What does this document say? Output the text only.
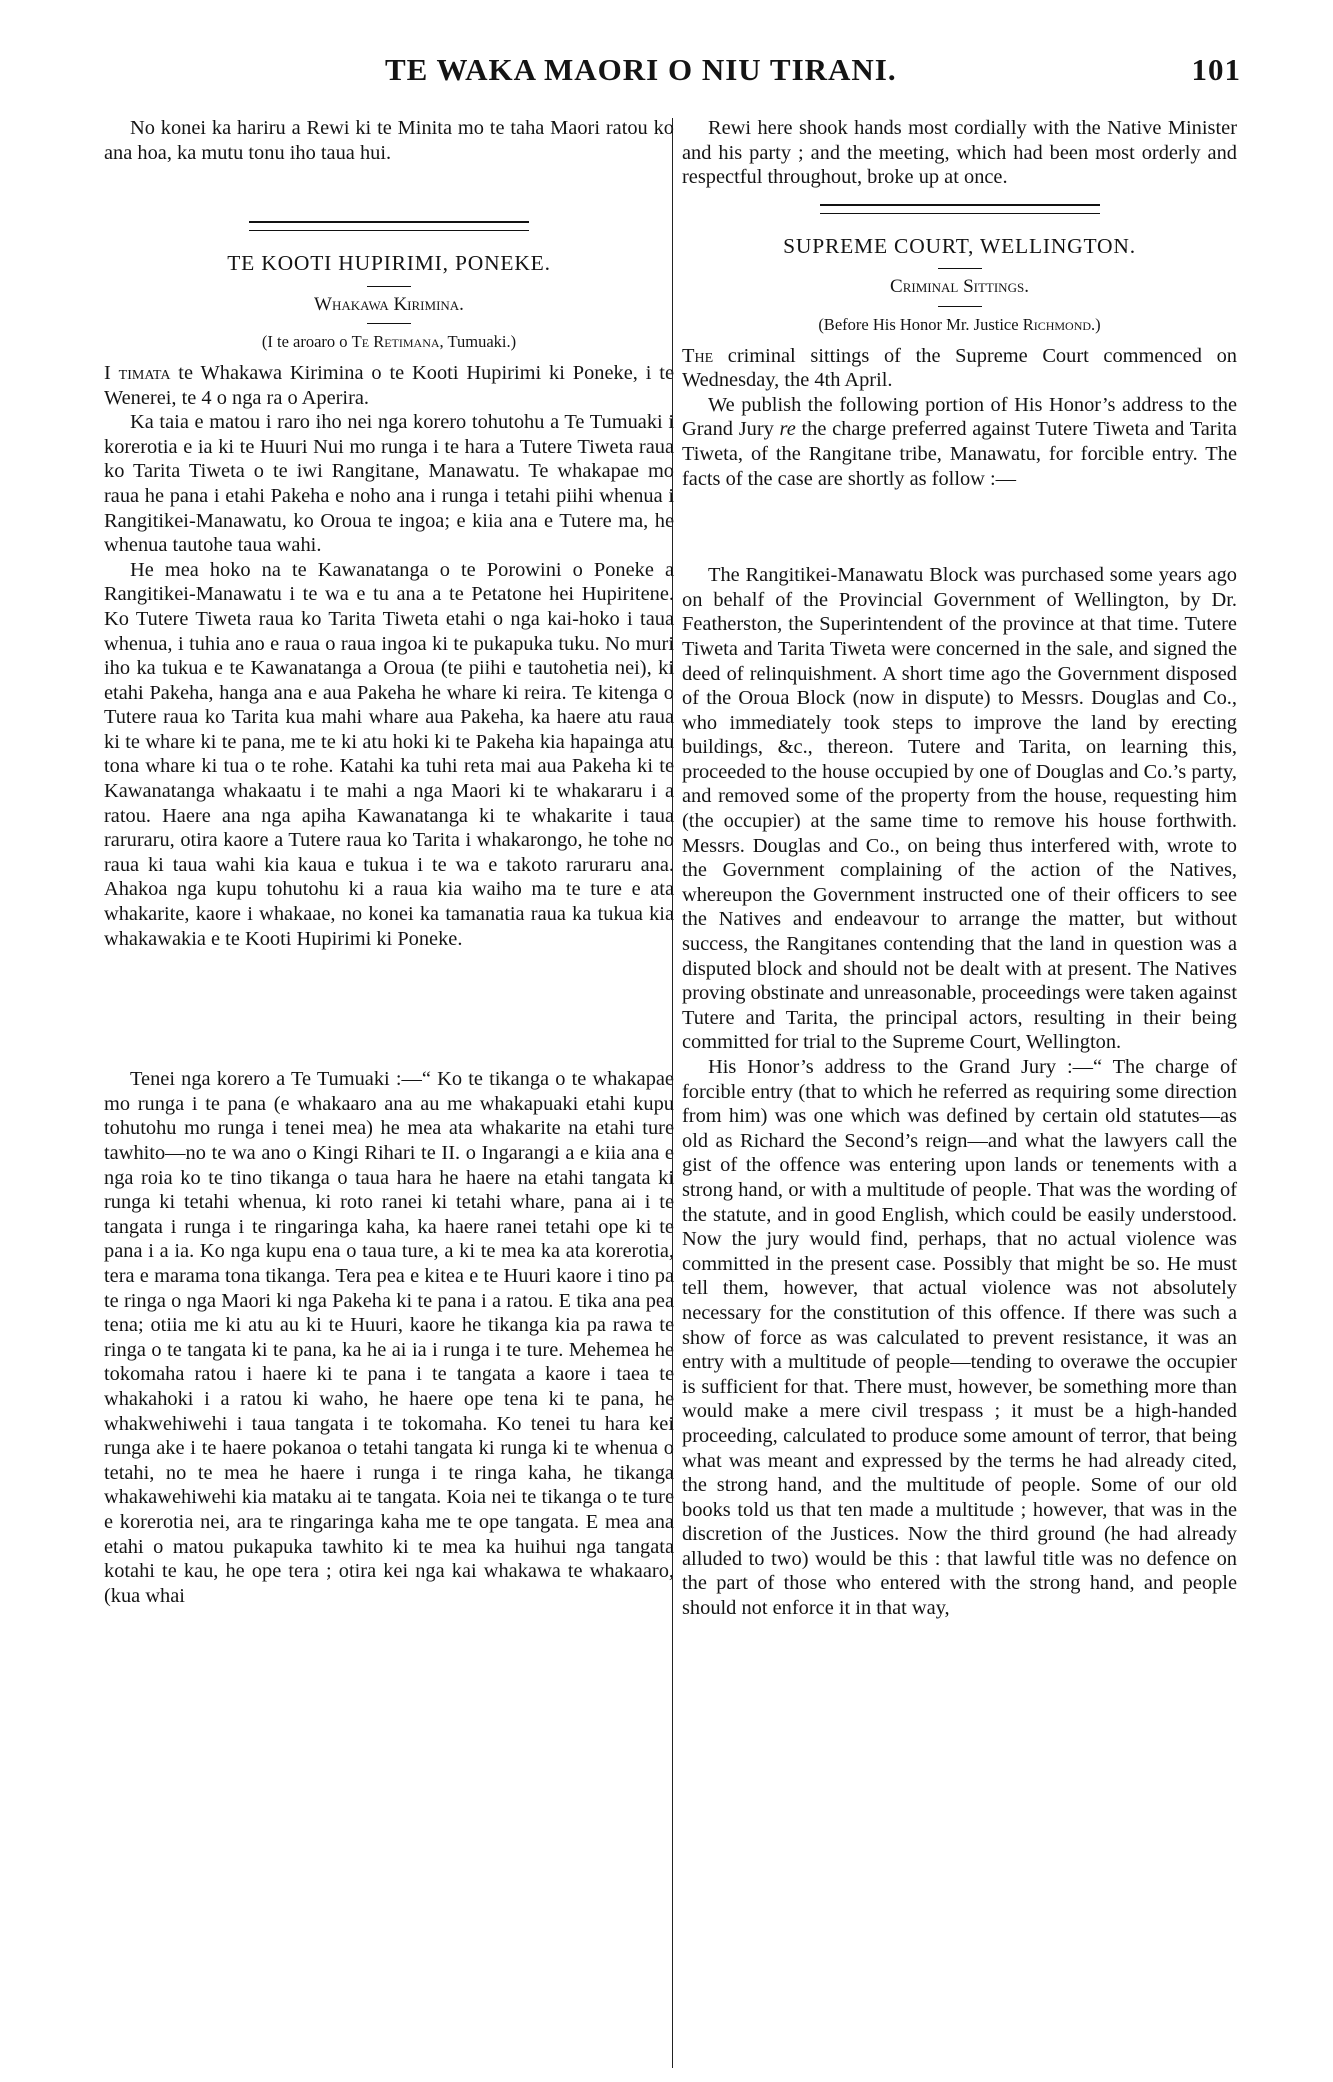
TE WAKA MAORI O NIU TIRANI.	101

No konei ka hariru a Rewi ki te Minita mo te taha Maori ratou ko ana hoa, ka mutu tonu iho taua hui.

TE KOOTI HUPIRIMI, PONEKE.
Whakawa Kirimina.
(I te aroaro o Te Retimana, Tumuaki.)

I timata te Whakawa Kirimina o te Kooti Hupirimi ki Poneke, i te Wenerei, te 4 o nga ra o Aperira.

Ka taia e matou i raro iho nei nga korero tohutohu a Te Tumuaki i korerotia e ia ki te Huuri Nui mo runga i te hara a Tutere Tiweta raua ko Tarita Tiweta o te iwi Rangitane, Manawatu. Te whakapae mo raua he pana i etahi Pakeha e noho ana i runga i tetahi piihi whenua i Rangitikei-Manawatu, ko Oroua te ingoa; e kiia ana e Tutere ma, he whenua tautohe taua wahi.

He mea hoko na te Kawanatanga o te Porowini o Poneke a Rangitikei-Manawatu i te wa e tu ana a te Petatone hei Hupiritene. Ko Tutere Tiweta raua ko Tarita Tiweta etahi o nga kai-hoko i taua whenua, i tuhia ano e raua o raua ingoa ki te pukapuka tuku. No muri iho ka tukua e te Kawanatanga a Oroua (te piihi e tautohetia nei), ki etahi Pakeha, hanga ana e aua Pakeha he whare ki reira. Te kitenga o Tutere raua ko Tarita kua mahi whare aua Pakeha, ka haere atu raua ki te whare ki te pana, me te ki atu hoki ki te Pakeha kia hapainga atu tona whare ki tua o te rohe. Katahi ka tuhi reta mai aua Pakeha ki te Kawanatanga whakaatu i te mahi a nga Maori ki te whakararu i a ratou. Haere ana nga apiha Kawanatanga ki te whakarite i taua raruraru, otira kaore a Tutere raua ko Tarita i whakarongo, he tohe no raua ki taua wahi kia kaua e tukua i te wa e takoto raruraru ana. Ahakoa nga kupu tohutohu ki a raua kia waiho ma te ture e ata whakarite, kaore i whakaae, no konei ka tamanatia raua ka tukua kia whakawakia e te Kooti Hupirimi ki Poneke.

Tenei nga korero a Te Tumuaki :—“ Ko te tikanga o te whakapae mo runga i te pana (e whakaaro ana au me whakapuaki etahi kupu tohutohu mo runga i tenei mea) he mea ata whakarite na etahi ture tawhito—no te wa ano o Kingi Rihari te II. o Ingarangi a e kiia ana e nga roia ko te tino tikanga o taua hara he haere na etahi tangata ki runga ki tetahi whenua, ki roto ranei ki tetahi whare, pana ai i te tangata i runga i te ringaringa kaha, ka haere ranei tetahi ope ki te pana i a ia. Ko nga kupu ena o taua ture, a ki te mea ka ata korerotia, tera e marama tona tikanga. Tera pea e kitea e te Huuri kaore i tino pa te ringa o nga Maori ki nga Pakeha ki te pana i a ratou. E tika ana pea tena; otiia me ki atu au ki te Huuri, kaore he tikanga kia pa rawa te ringa o te tangata ki te pana, ka he ai ia i runga i te ture. Mehemea he tokomaha ratou i haere ki te pana i te tangata a kaore i taea te whakahoki i a ratou ki waho, he haere ope tena ki te pana, he whakwehiwehi i taua tangata i te tokomaha. Ko tenei tu hara kei runga ake i te haere pokanoa o tetahi tangata ki runga ki te whenua o tetahi, no te mea he haere i runga i te ringa kaha, he tikanga whakawehiwehi kia mataku ai te tangata. Koia nei te tikanga o te ture e korerotia nei, ara te ringaringa kaha me te ope tangata. E mea ana etahi o matou pukapuka tawhito ki te mea ka huihui nga tangata kotahi te kau, he ope tera ; otira kei nga kai whakawa te whakaaro, (kua whai

Rewi here shook hands most cordially with the Native Minister and his party ; and the meeting, which had been most orderly and respectful throughout, broke up at once.

SUPREME COURT, WELLINGTON.
Criminal Sittings.
(Before His Honor Mr. Justice Richmond.)

The criminal sittings of the Supreme Court commenced on Wednesday, the 4th April.

We publish the following portion of His Honor’s address to the Grand Jury re the charge preferred against Tutere Tiweta and Tarita Tiweta, of the Rangitane tribe, Manawatu, for forcible entry. The facts of the case are shortly as follow :—

The Rangitikei-Manawatu Block was purchased some years ago on behalf of the Provincial Government of Wellington, by Dr. Featherston, the Superintendent of the province at that time. Tutere Tiweta and Tarita Tiweta were concerned in the sale, and signed the deed of relinquishment. A short time ago the Government disposed of the Oroua Block (now in dispute) to Messrs. Douglas and Co., who immediately took steps to improve the land by erecting buildings, &c., thereon. Tutere and Tarita, on learning this, proceeded to the house occupied by one of Douglas and Co.’s party, and removed some of the property from the house, requesting him (the occupier) at the same time to remove his house forthwith. Messrs. Douglas and Co., on being thus interfered with, wrote to the Government complaining of the action of the Natives, whereupon the Government instructed one of their officers to see the Natives and endeavour to arrange the matter, but without success, the Rangitanes contending that the land in question was a disputed block and should not be dealt with at present. The Natives proving obstinate and unreasonable, proceedings were taken against Tutere and Tarita, the principal actors, resulting in their being committed for trial to the Supreme Court, Wellington.

His Honor’s address to the Grand Jury :—“ The charge of forcible entry (that to which he referred as requiring some direction from him) was one which was defined by certain old statutes—as old as Richard the Second’s reign—and what the lawyers call the gist of the offence was entering upon lands or tenements with a strong hand, or with a multitude of people. That was the wording of the statute, and in good English, which could be easily understood. Now the jury would find, perhaps, that no actual violence was committed in the present case. Possibly that might be so. He must tell them, however, that actual violence was not absolutely necessary for the constitution of this offence. If there was such a show of force as was calculated to prevent resistance, it was an entry with a multitude of people—tending to overawe the occupier is sufficient for that. There must, however, be something more than would make a mere civil trespass ; it must be a high-handed proceeding, calculated to produce some amount of terror, that being what was meant and expressed by the terms he had already cited, the strong hand, and the multitude of people. Some of our old books told us that ten made a multitude ; however, that was in the discretion of the Justices. Now the third ground (he had already alluded to two) would be this : that lawful title was no defence on the part of those who entered with the strong hand, and people should not enforce it in that way,
